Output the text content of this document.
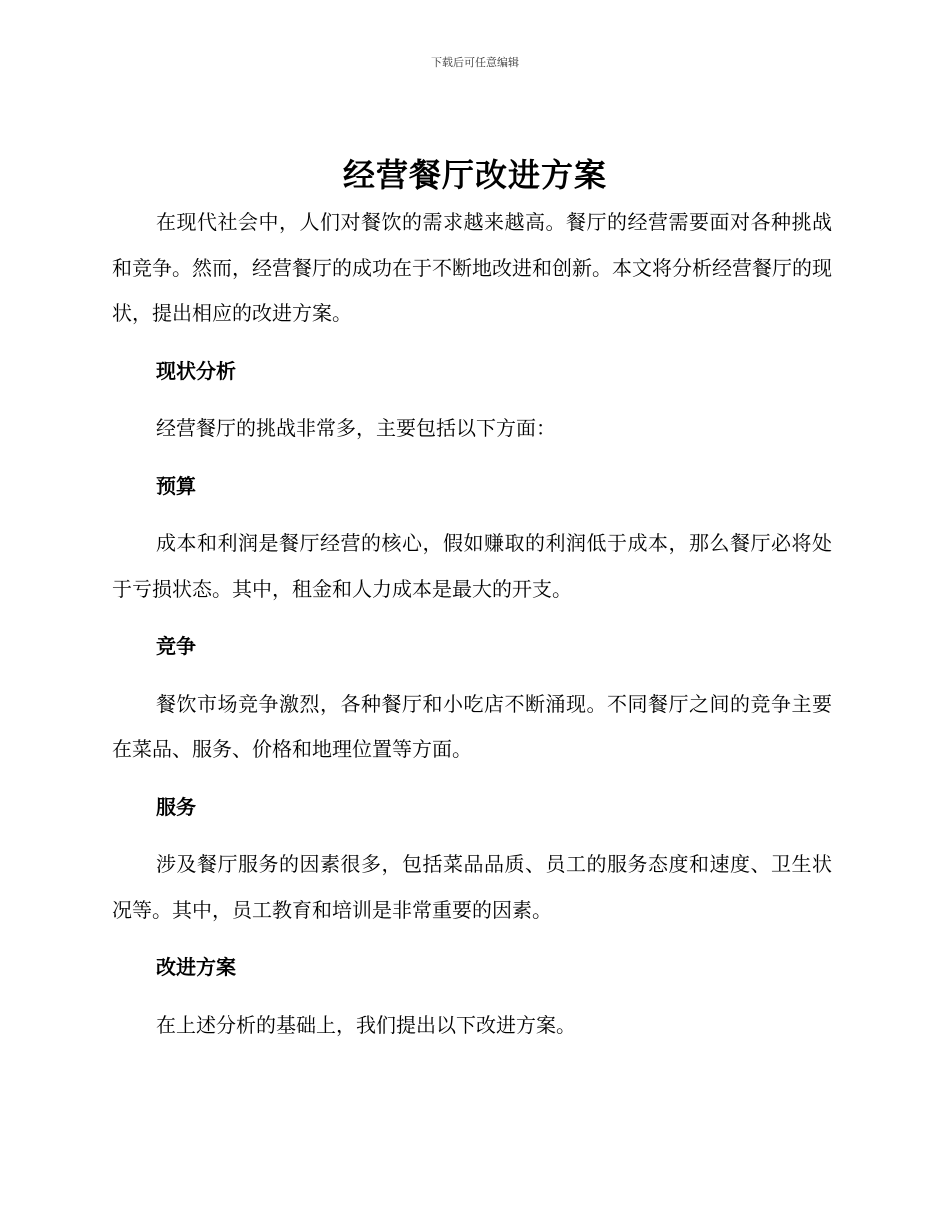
下载后可任意编辑
经营餐厅改进方案

在现代社会中，人们对餐饮的需求越来越高。餐厅的经营需要面对各种挑战和竞争。然而，经营餐厅的成功在于不断地改进和创新。本文将分析经营餐厅的现状，提出相应的改进方案。

现状分析

经营餐厅的挑战非常多，主要包括以下方面：

预算

成本和利润是餐厅经营的核心，假如赚取的利润低于成本，那么餐厅必将处于亏损状态。其中，租金和人力成本是最大的开支。

竞争

餐饮市场竞争激烈，各种餐厅和小吃店不断涌现。不同餐厅之间的竞争主要在菜品、服务、价格和地理位置等方面。

服务

涉及餐厅服务的因素很多，包括菜品品质、员工的服务态度和速度、卫生状况等。其中，员工教育和培训是非常重要的因素。

改进方案

在上述分析的基础上，我们提出以下改进方案。
